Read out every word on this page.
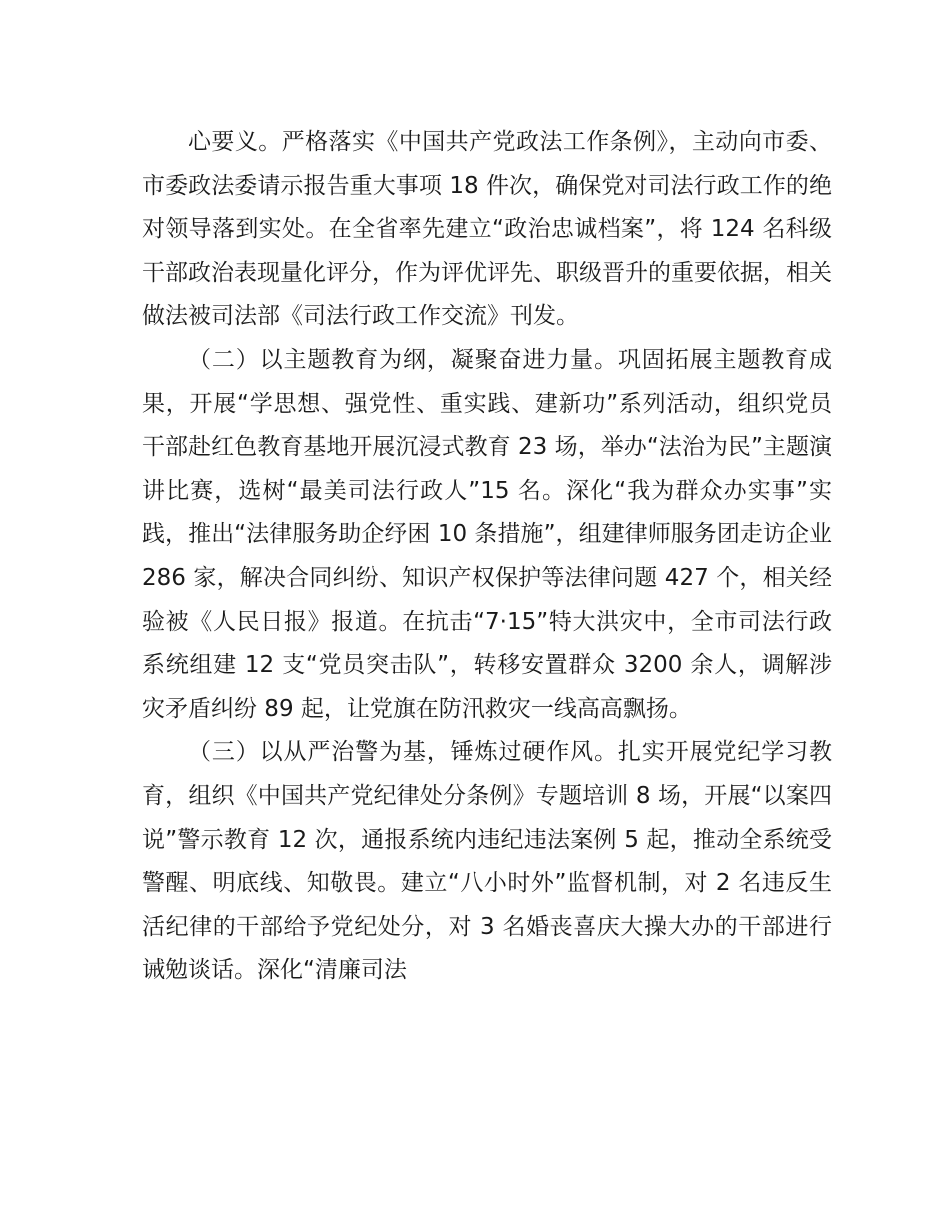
心要义。严格落实《中国共产党政法工作条例》，主动向市委、市委政法委请示报告重大事项 18 件次，确保党对司法行政工作的绝对领导落到实处。在全省率先建立“政治忠诚档案”，将 124 名科级干部政治表现量化评分，作为评优评先、职级晋升的重要依据，相关做法被司法部《司法行政工作交流》刊发。

（二）以主题教育为纲，凝聚奋进力量。巩固拓展主题教育成果，开展“学思想、强党性、重实践、建新功”系列活动，组织党员干部赴红色教育基地开展沉浸式教育 23 场，举办“法治为民”主题演讲比赛，选树“最美司法行政人”15 名。深化“我为群众办实事”实践，推出“法律服务助企纾困 10 条措施”，组建律师服务团走访企业 286 家，解决合同纠纷、知识产权保护等法律问题 427 个，相关经验被《人民日报》报道。在抗击“7·15”特大洪灾中，全市司法行政系统组建 12 支“党员突击队”，转移安置群众 3200 余人，调解涉灾矛盾纠纷 89 起，让党旗在防汛救灾一线高高飘扬。

（三）以从严治警为基，锤炼过硬作风。扎实开展党纪学习教育，组织《中国共产党纪律处分条例》专题培训 8 场，开展“以案四说”警示教育 12 次，通报系统内违纪违法案例 5 起，推动全系统受警醒、明底线、知敬畏。建立“八小时外”监督机制，对 2 名违反生活纪律的干部给予党纪处分，对 3 名婚丧喜庆大操大办的干部进行诫勉谈话。深化“清廉司法
